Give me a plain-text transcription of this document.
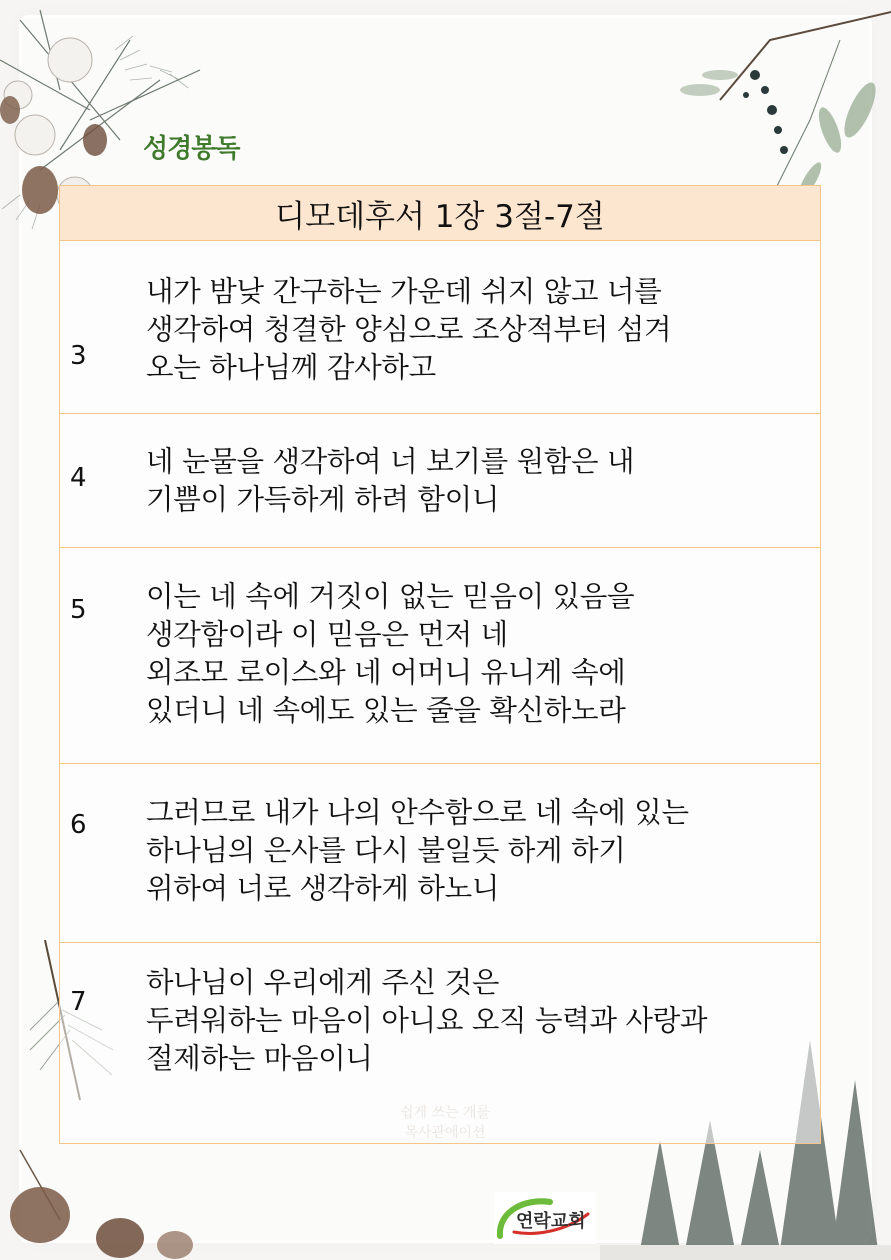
성경봉독
디모데후서 1장 3절-7절

3
내가 밤낮 간구하는 가운데 쉬지 않고 너를
생각하여 청결한 양심으로 조상적부터 섬겨
오는 하나님께 감사하고

4
네 눈물을 생각하여 너 보기를 원함은 내
기쁨이 가득하게 하려 함이니

5 이는 네 속에 거짓이 없는 믿음이 있음을
생각함이라 이 믿음은 먼저 네
외조모 로이스와 네 어머니 유니게 속에
있더니 네 속에도 있는 줄을 확신하노라

6 그러므로 내가 나의 안수함으로 네 속에 있는
하나님의 은사를 다시 불일듯 하게 하기
위하여 너로 생각하게 하노니

7
하나님이 우리에게 주신 것은
두려워하는 마음이 아니요 오직 능력과 사랑과
절제하는 마음이니
쉽게 쓰는 개를
목사관에이션
연락교회
